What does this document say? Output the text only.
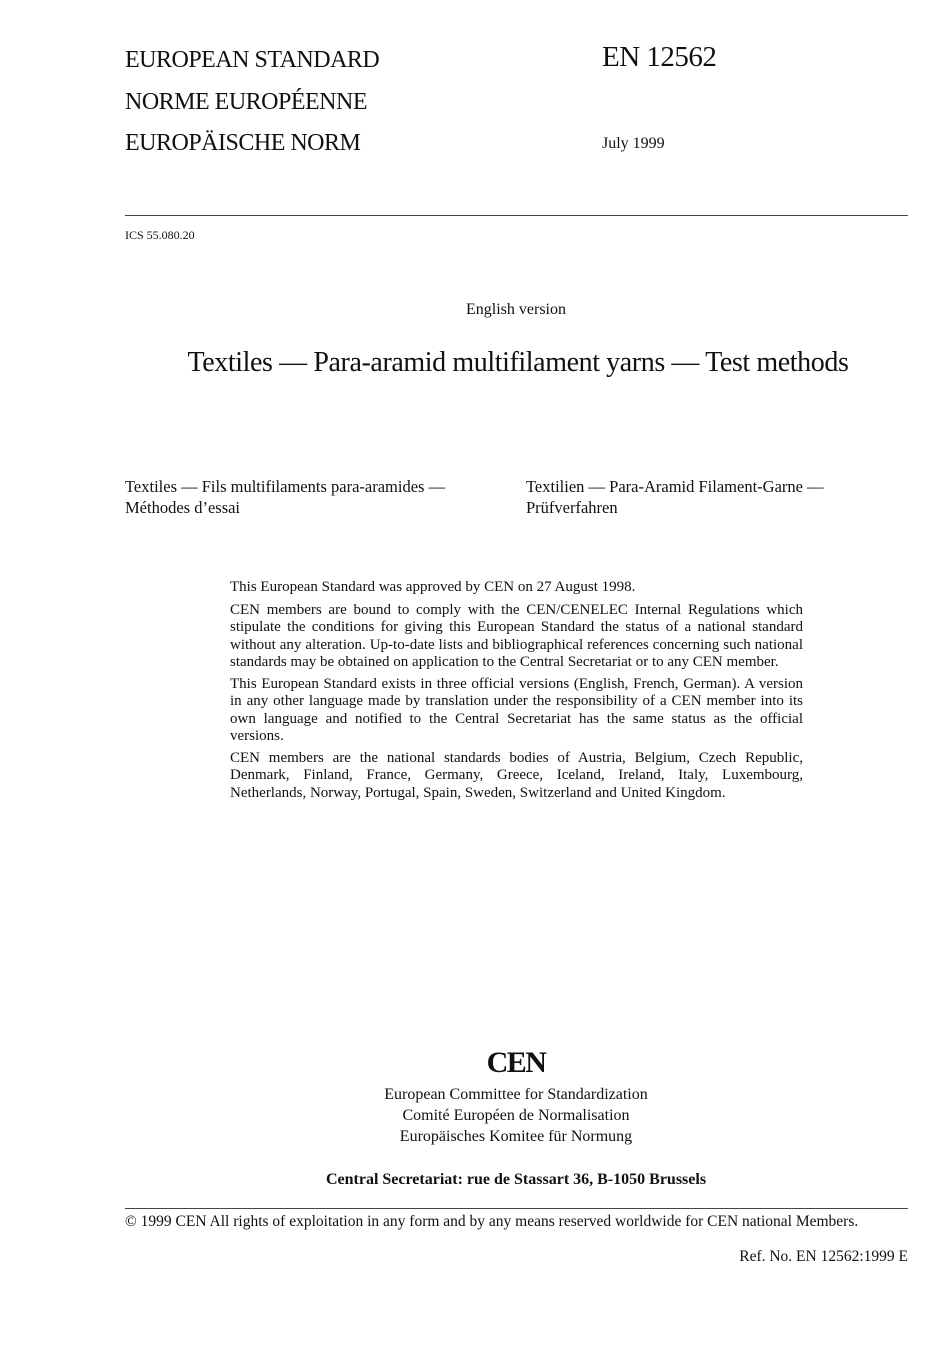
EUROPEAN STANDARD
NORME EUROPÉENNE
EUROPÄISCHE NORM
EN 12562
July 1999
ICS 55.080.20
English version
Textiles — Para-aramid multifilament yarns — Test methods
Textiles — Fils multifilaments para-aramides —
Méthodes d’essai
Textilien — Para-Aramid Filament-Garne —
Prüfverfahren

This European Standard was approved by CEN on 27 August 1998.

CEN members are bound to comply with the CEN/CENELEC Internal Regulations which stipulate the conditions for giving this European Standard the status of a national standard without any alteration. Up-to-date lists and bibliographical references concerning such national standards may be obtained on application to the Central Secretariat or to any CEN member.

This European Standard exists in three official versions (English, French, German). A version in any other language made by translation under the responsibility of a CEN member into its own language and notified to the Central Secretariat has the same status as the official versions.

CEN members are the national standards bodies of Austria, Belgium, Czech Republic, Denmark, Finland, France, Germany, Greece, Iceland, Ireland, Italy, Luxembourg, Netherlands, Norway, Portugal, Spain, Sweden, Switzerland and United Kingdom.

CEN
European Committee for Standardization
Comité Européen de Normalisation
Europäisches Komitee für Normung
Central Secretariat: rue de Stassart 36, B-1050 Brussels
© 1999 CEN All rights of exploitation in any form and by any means reserved worldwide for CEN national Members.
Ref. No. EN 12562:1999 E
